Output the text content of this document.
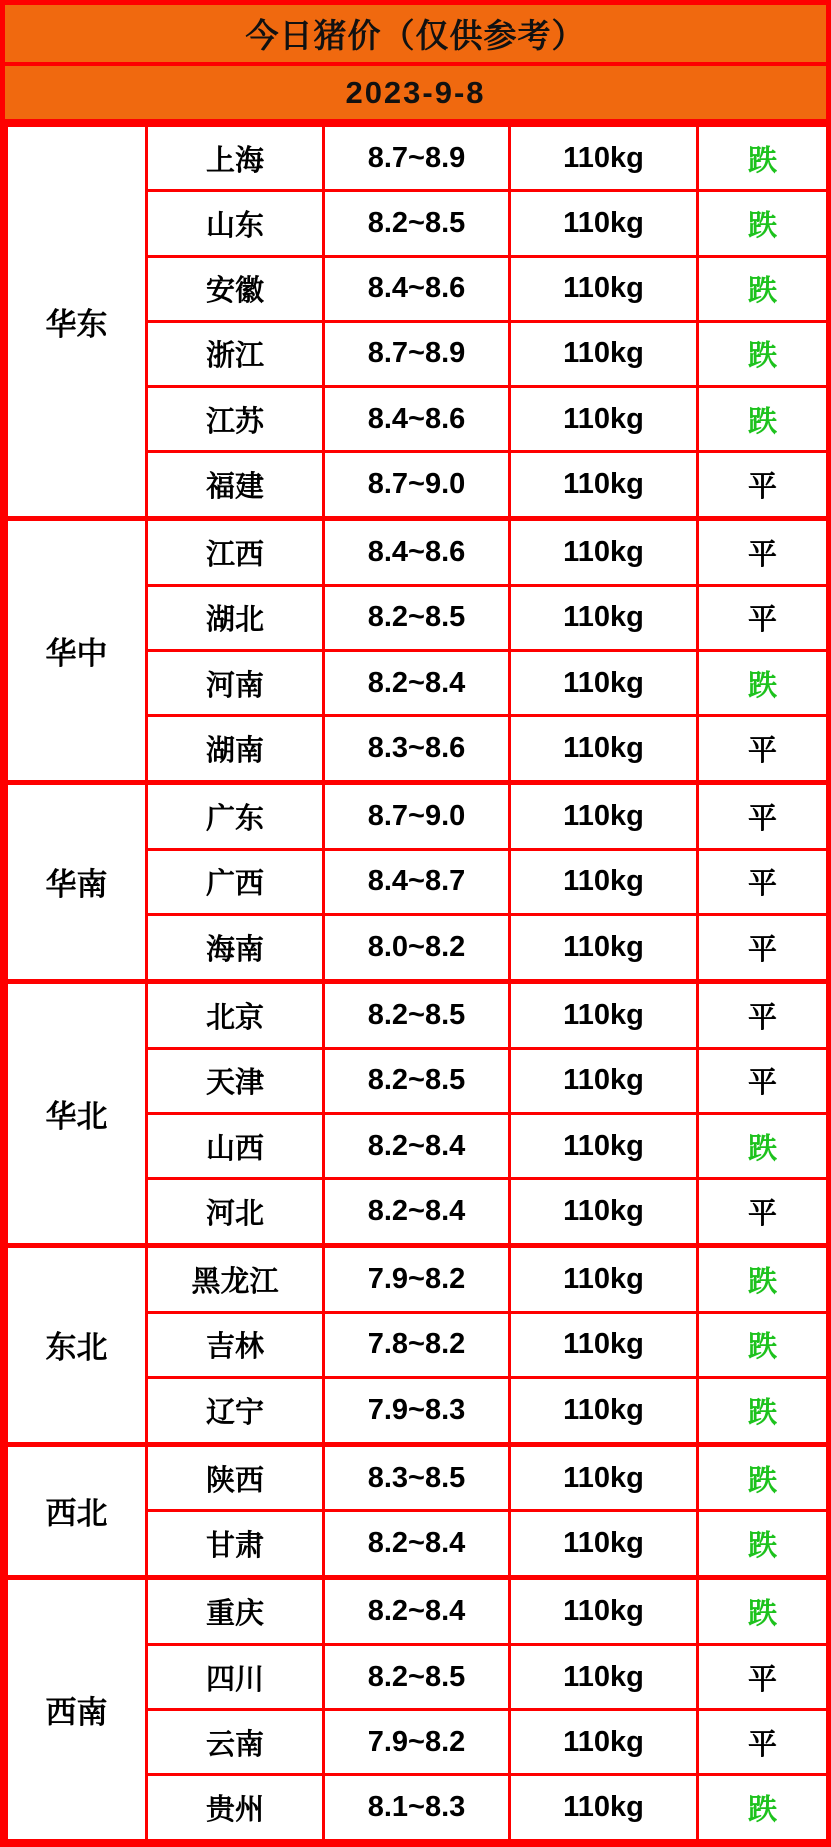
今日猪价（仅供参考）
2023-9-8
华东	上海	8.7~8.9	110kg	跌
	山东	8.2~8.5	110kg	跌
	安徽	8.4~8.6	110kg	跌
	浙江	8.7~8.9	110kg	跌
	江苏	8.4~8.6	110kg	跌
	福建	8.7~9.0	110kg	平
华中	江西	8.4~8.6	110kg	平
	湖北	8.2~8.5	110kg	平
	河南	8.2~8.4	110kg	跌
	湖南	8.3~8.6	110kg	平
华南	广东	8.7~9.0	110kg	平
	广西	8.4~8.7	110kg	平
	海南	8.0~8.2	110kg	平
华北	北京	8.2~8.5	110kg	平
	天津	8.2~8.5	110kg	平
	山西	8.2~8.4	110kg	跌
	河北	8.2~8.4	110kg	平
东北	黑龙江	7.9~8.2	110kg	跌
	吉林	7.8~8.2	110kg	跌
	辽宁	7.9~8.3	110kg	跌
西北	陕西	8.3~8.5	110kg	跌
	甘肃	8.2~8.4	110kg	跌
西南	重庆	8.2~8.4	110kg	跌
	四川	8.2~8.5	110kg	平
	云南	7.9~8.2	110kg	平
	贵州	8.1~8.3	110kg	跌
